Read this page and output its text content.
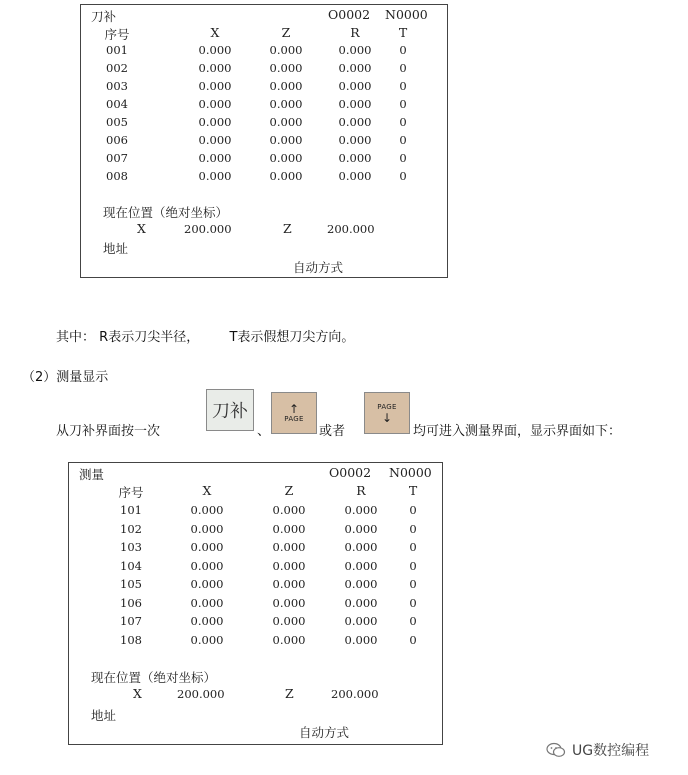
刀补	O0002 N0000
序号	X	Z	R	T
001	0.000	0.000	0.000	0
002	0.000	0.000	0.000	0
003	0.000	0.000	0.000	0
004	0.000	0.000	0.000	0
005	0.000	0.000	0.000	0
006	0.000	0.000	0.000	0
007	0.000	0.000	0.000	0
008	0.000	0.000	0.000	0
现在位置（绝对坐标）
X	200.000	Z	200.000
地址
自动方式
其中： R表示刀尖半径， T表示假想刀尖方向。
（2）测量显示
从刀补界面按一次
刀补
、
↑
PAGE
或者
PAGE
↓
均可进入测量界面，显示界面如下：
测量	O0002 N0000
序号	X	Z	R	T
101	0.000	0.000	0.000	0
102	0.000	0.000	0.000	0
103	0.000	0.000	0.000	0
104	0.000	0.000	0.000	0
105	0.000	0.000	0.000	0
106	0.000	0.000	0.000	0
107	0.000	0.000	0.000	0
108	0.000	0.000	0.000	0
现在位置（绝对坐标）
X	200.000	Z	200.000
地址
自动方式
UG数控编程
